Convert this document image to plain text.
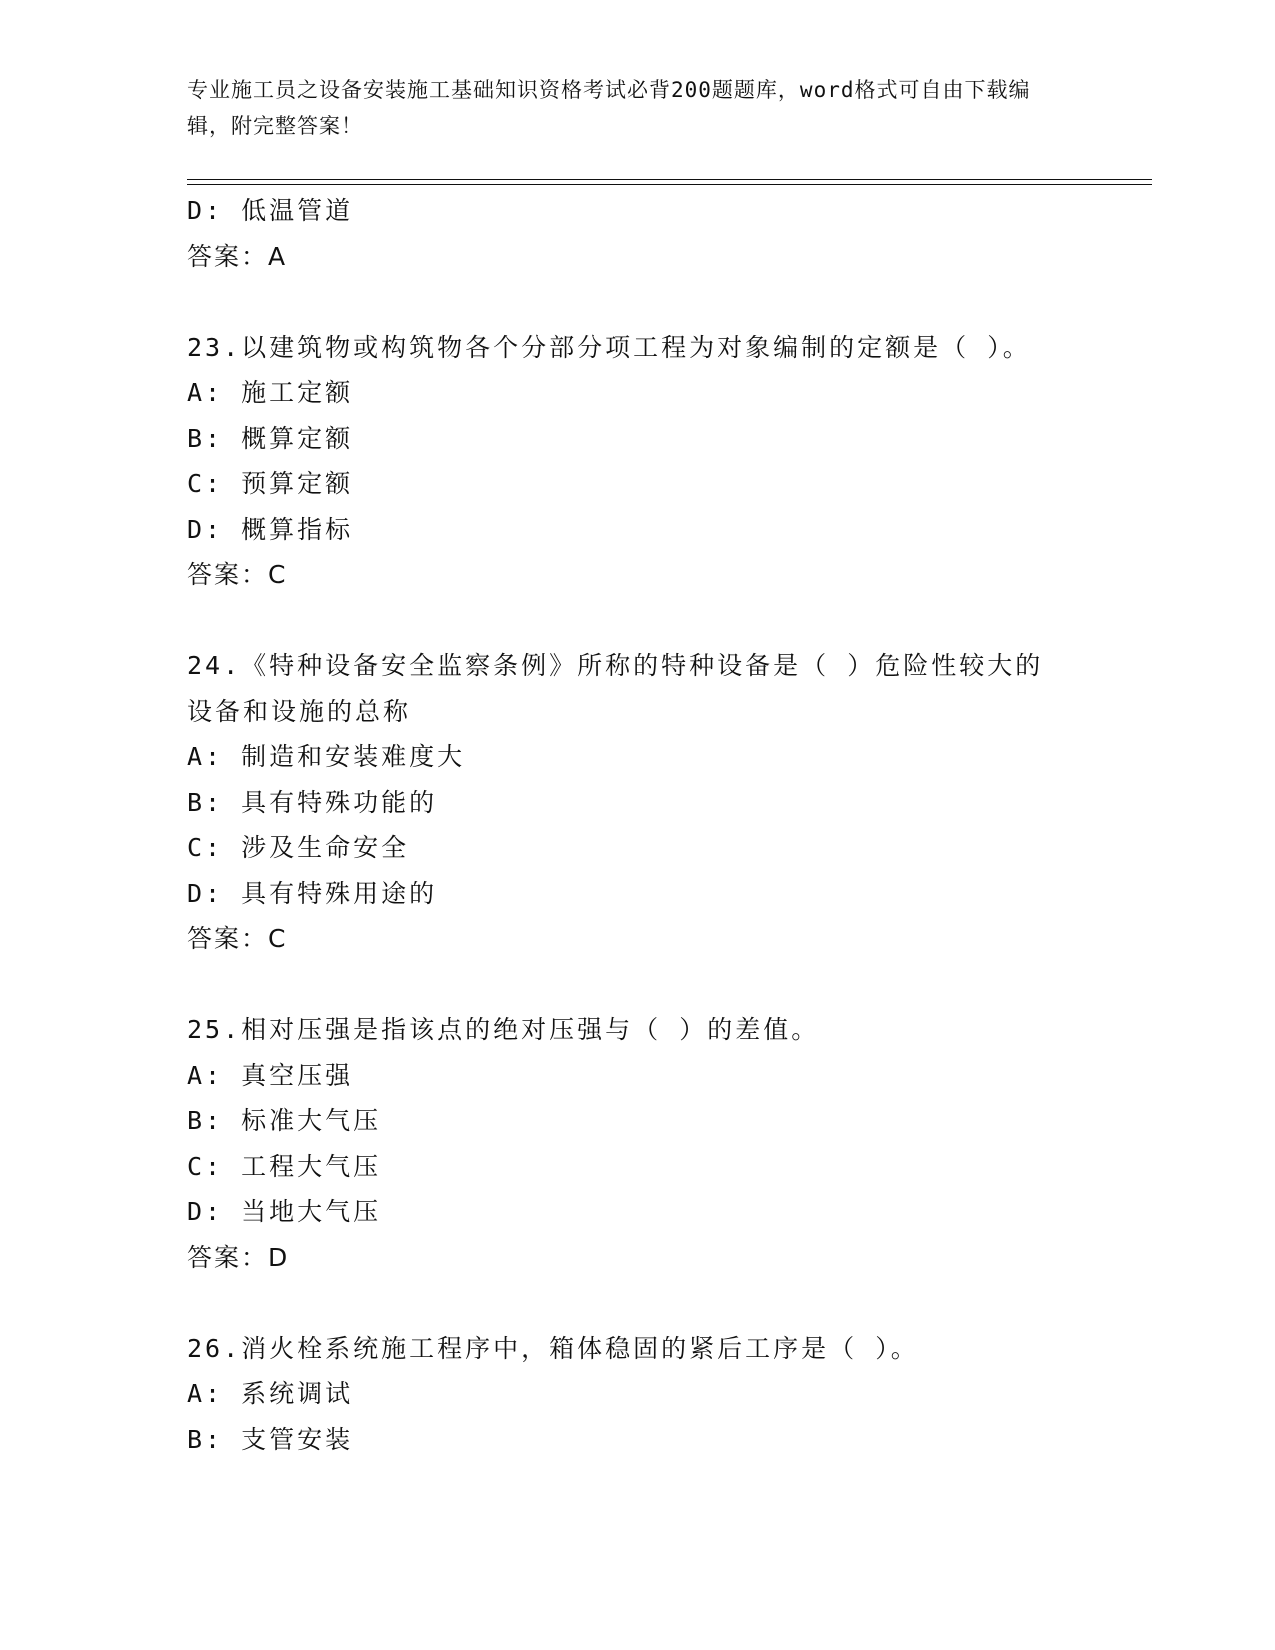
专业施工员之设备安装施工基础知识资格考试必背200题题库，word格式可自由下载编辑，附完整答案！
D: 低温管道
答案：A
23.以建筑物或构筑物各个分部分项工程为对象编制的定额是（ ）。
A: 施工定额
B: 概算定额
C: 预算定额
D: 概算指标
答案：C
24.《特种设备安全监察条例》所称的特种设备是（ ）危险性较大的
设备和设施的总称
A: 制造和安装难度大
B: 具有特殊功能的
C: 涉及生命安全
D: 具有特殊用途的
答案：C
25.相对压强是指该点的绝对压强与（ ）的差值。
A: 真空压强
B: 标准大气压
C: 工程大气压
D: 当地大气压
答案：D
26.消火栓系统施工程序中，箱体稳固的紧后工序是（ ）。
A: 系统调试
B: 支管安装
